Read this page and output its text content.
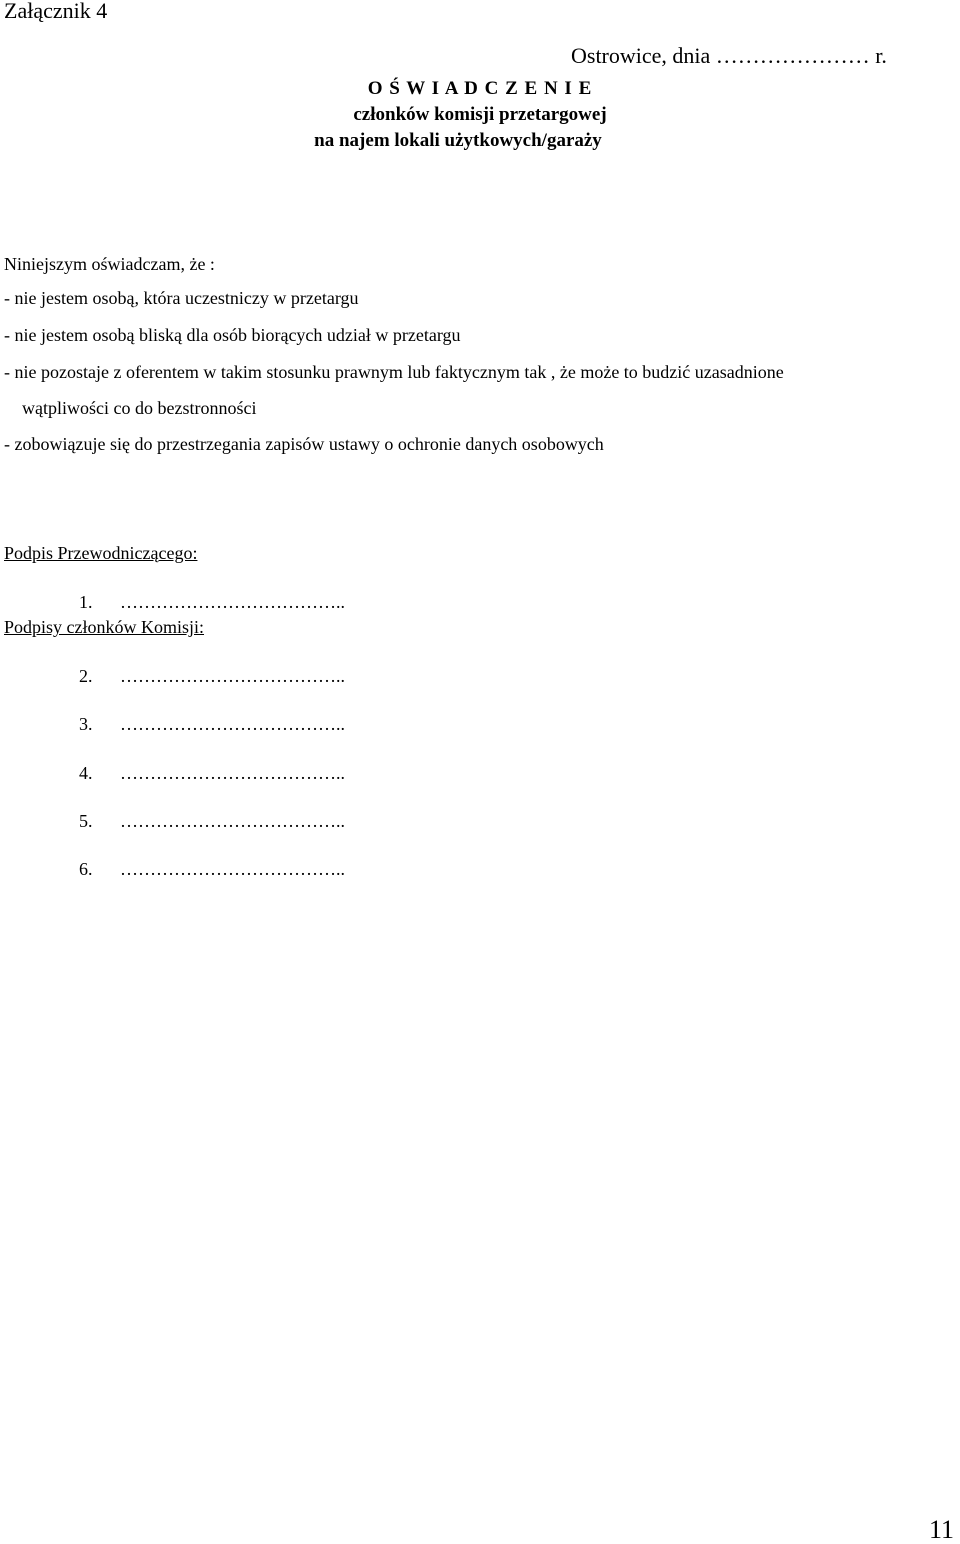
Załącznik 4
Ostrowice, dnia ………………… r.
O Ś W I A D C Z E N I E
członków komisji przetargowej
na najem lokali użytkowych/garaży
Niniejszym oświadczam, że :
- nie jestem osobą, która uczestniczy w przetargu
- nie jestem osobą bliską dla osób biorących udział w przetargu
- nie pozostaje z oferentem w takim stosunku prawnym lub faktycznym tak , że może to budzić uzasadnione
wątpliwości co do bezstronności
- zobowiązuje się do przestrzegania zapisów ustawy o ochronie danych osobowych
Podpis Przewodniczącego:
1. ………………………………..
Podpisy członków Komisji:
2. ………………………………..
3. ………………………………..
4. ………………………………..
5. ………………………………..
6. ………………………………..
11
